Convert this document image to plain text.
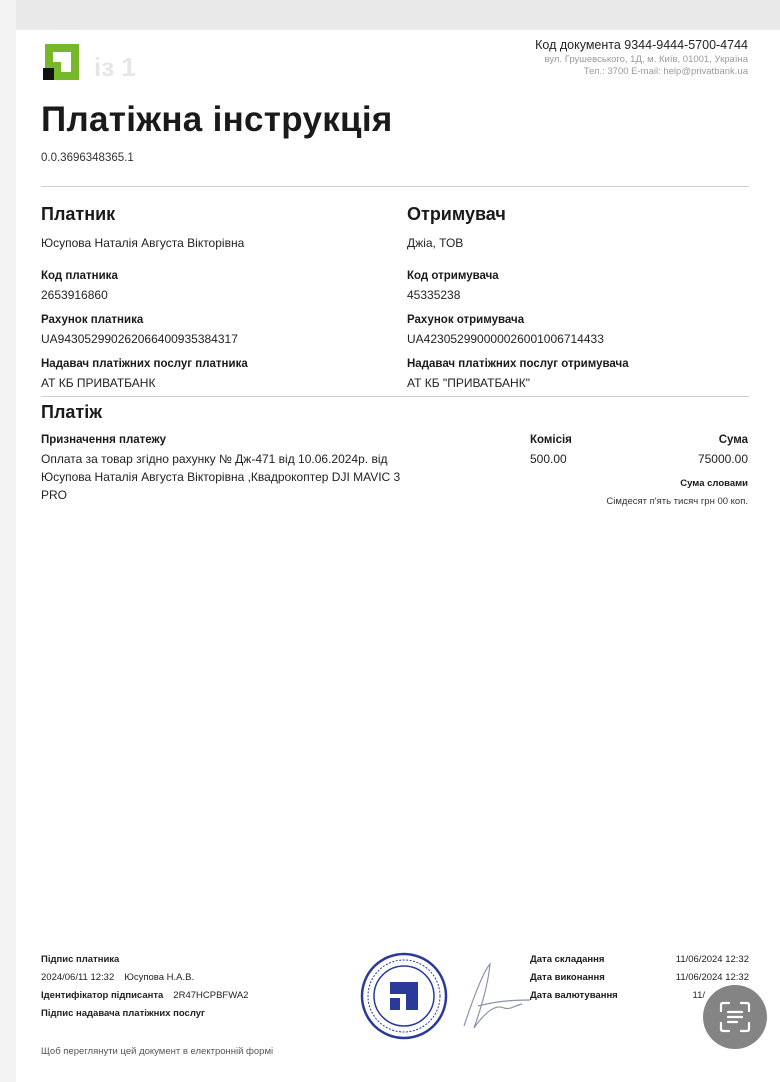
із 1
Код документа 9344-9444-5700-4744
вул. Грушевського, 1Д, м. Київ, 01001, Україна
Тел.: 3700 E-mail: help@privatbank.ua
Платіжна інструкція
0.0.3696348365.1
Платник
Юсупова Наталія Августа Вікторівна
Код платника
2653916860
Рахунок платника
UA943052990262066400935384317
Надавач платіжних послуг платника
АТ КБ ПРИВАТБАНК
Отримувач
Джіа, ТОВ
Код отримувача
45335238
Рахунок отримувача
UA423052990000026001006714433
Надавач платіжних послуг отримувача
АТ КБ "ПРИВАТБАНК"
Платіж
Призначення платежу	Комісія	Сума
Оплата за товар згідно рахунку № Дж-471 від 10.06.2024р. від Юсупова Наталія Августа Вікторівна ,Квадрокоптер DJI MAVIC 3 PRO
500.00	75000.00
Сума словами
Сімдесят п'ять тисяч грн 00 коп.
Підпис платника
2024/06/11 12:32 Юсупова Н.А.В.
Ідентифікатор підписанта 2R47HCPBFWA2
Підпис надавача платіжних послуг
Дата складання	11/06/2024 12:32
Дата виконання	11/06/2024 12:32
Дата валютування	11/
Щоб переглянути цей документ в електронній формі
